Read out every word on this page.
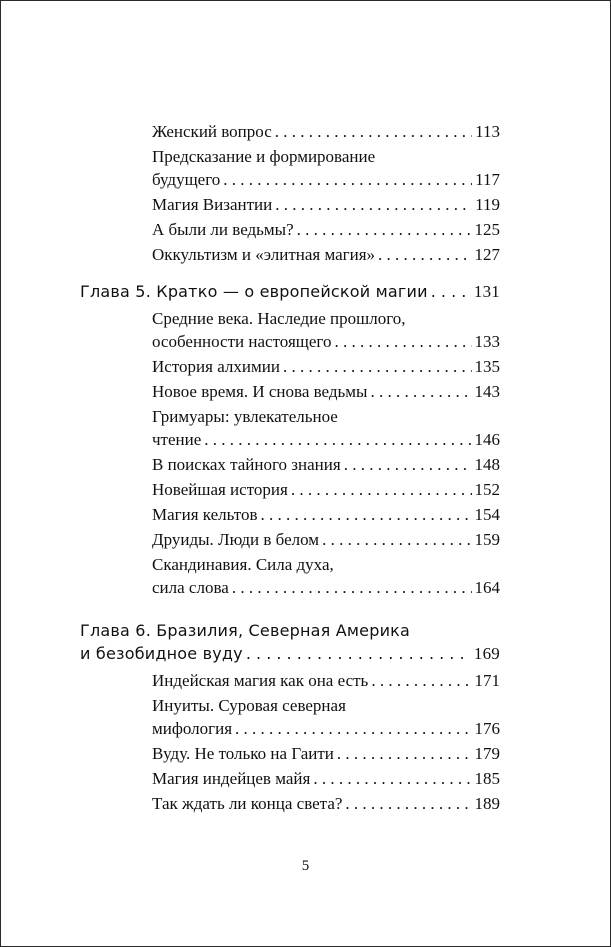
Женский вопрос . . .	113
Предсказание и формирование
будущего . . .	117
Магия Византии . . .	119
А были ли ведьмы? . . .	125
Оккультизм и «элитная магия» . . .	127
Глава 5. Кратко — о европейской магии . . .	131
Средние века. Наследие прошлого,
особенности настоящего . . .	133
История алхимии . . .	135
Новое время. И снова ведьмы . . .	143
Гримуары: увлекательное
чтение . . .	146
В поисках тайного знания . . .	148
Новейшая история . . .	152
Магия кельтов . . .	154
Друиды. Люди в белом . . .	159
Скандинавия. Сила духа,
сила слова . . .	164
Глава 6. Бразилия, Северная Америка
и безобидное вуду . . .	169
Индейская магия как она есть . . .	171
Инуиты. Суровая северная
мифология . . .	176
Вуду. Не только на Гаити . . .	179
Магия индейцев майя . . .	185
Так ждать ли конца света? . . .	189
5
